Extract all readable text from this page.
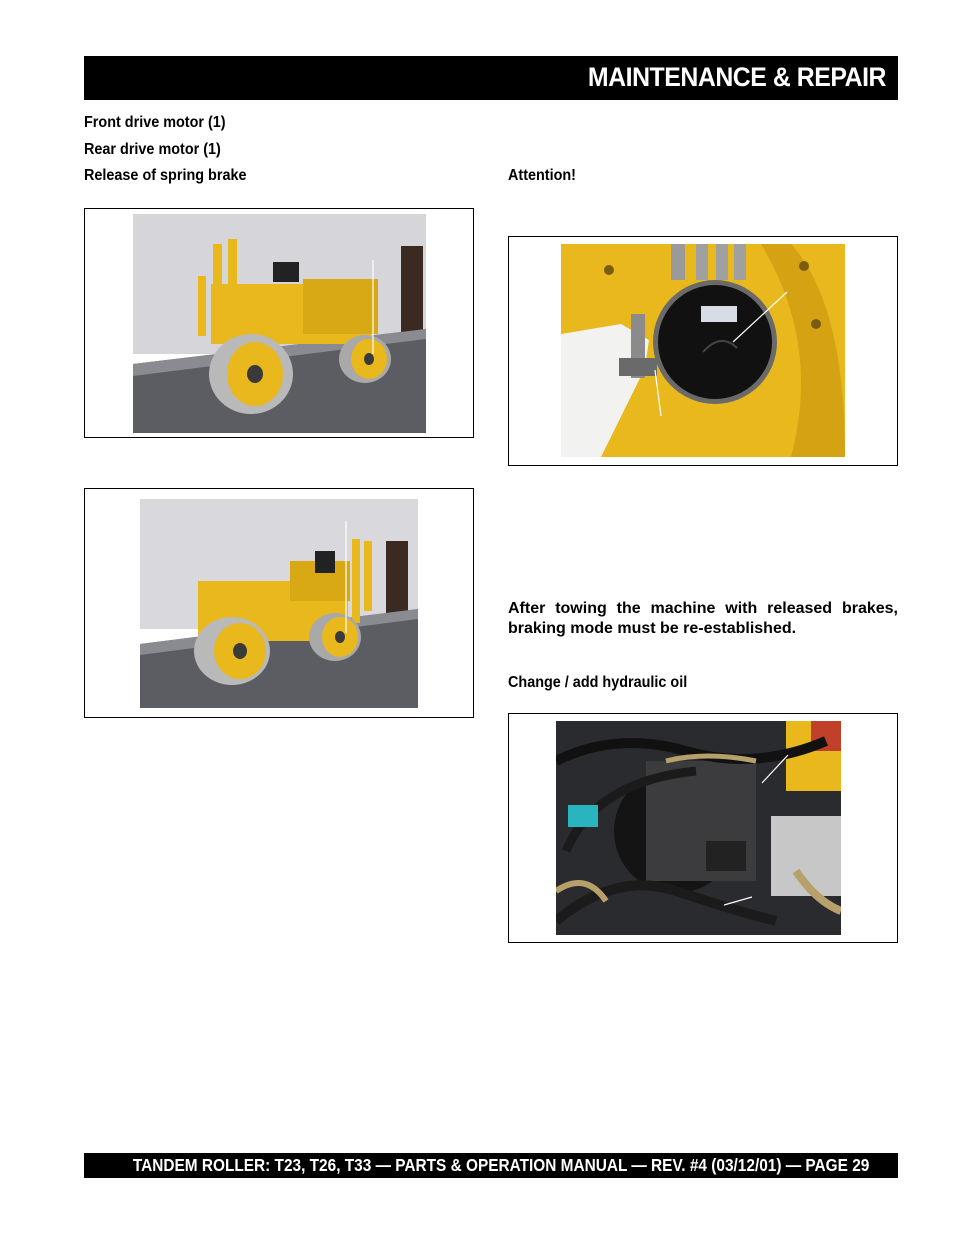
MAINTENANCE & REPAIR
Front drive motor (1)
Rear drive motor (1)
Release of spring brake	Attention!
After towing the machine with released brakes, braking mode must be re-established.
Change / add hydraulic oil
TANDEM ROLLER: T23, T26, T33 — PARTS & OPERATION MANUAL — REV. #4 (03/12/01) — PAGE 29
